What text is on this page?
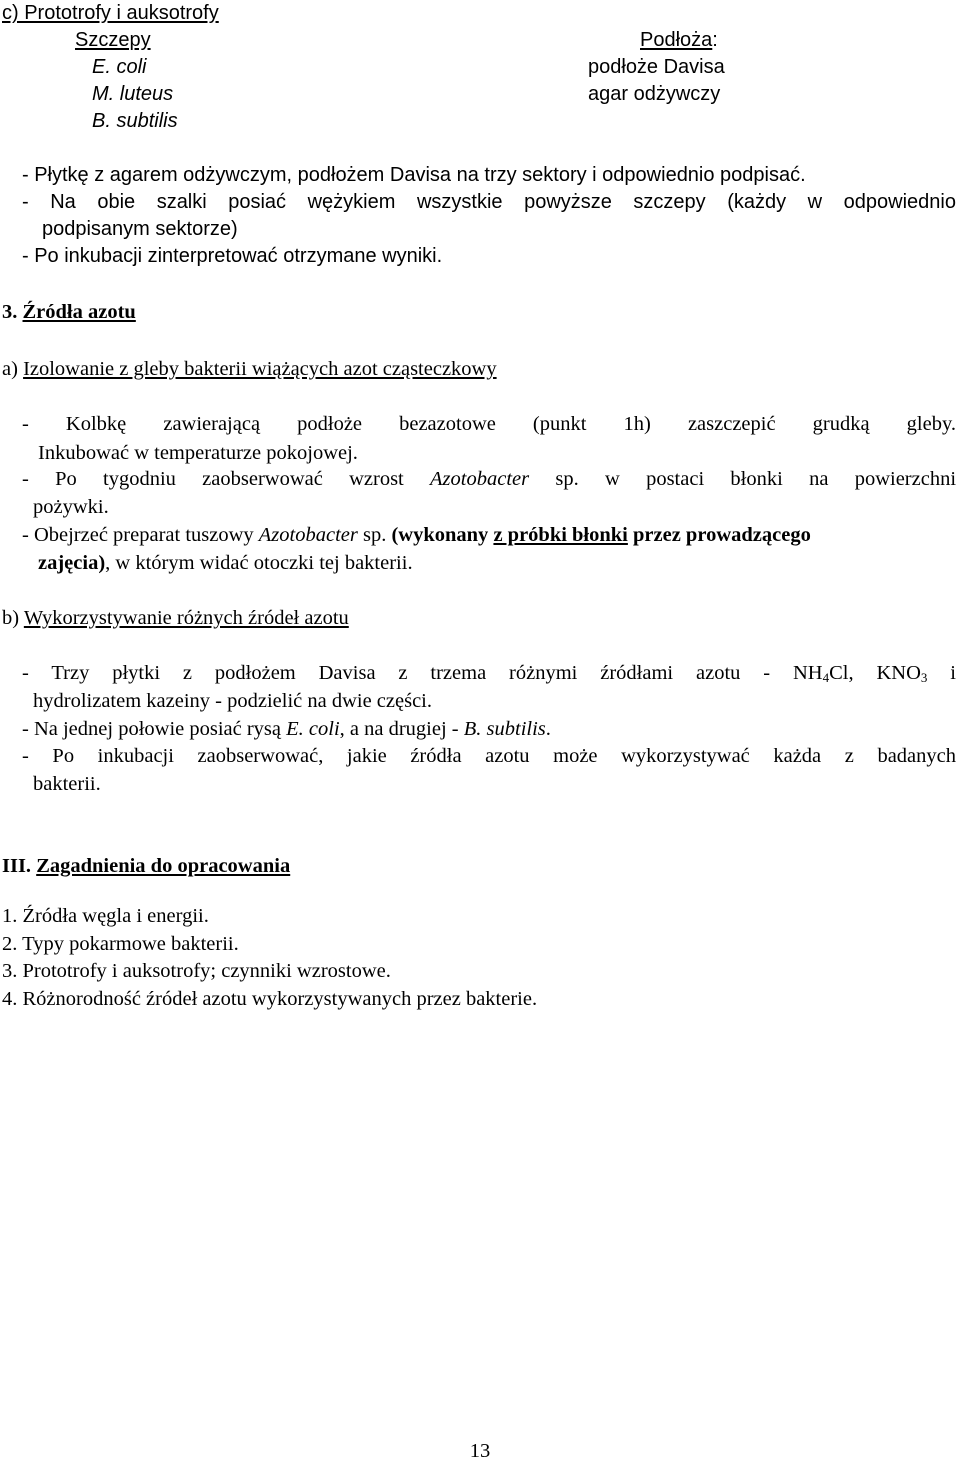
c) Prototrofy i auksotrofy
Szczepy	Podłoża:
E. coli	podłoże Davisa
M. luteus	agar odżywczy
B. subtilis
- Płytkę z agarem odżywczym, podłożem Davisa na trzy sektory i odpowiednio podpisać.
- Na obie szalki posiać wężykiem wszystkie powyższe szczepy (każdy w odpowiednio
podpisanym sektorze)
- Po inkubacji zinterpretować otrzymane wyniki.
3. Źródła azotu
a) Izolowanie z gleby bakterii wiążących azot cząsteczkowy
- Kolbkę zawierającą podłoże bezazotowe (punkt 1h) zaszczepić grudką gleby.
Inkubować w temperaturze pokojowej.
- Po tygodniu zaobserwować wzrost Azotobacter sp. w postaci błonki na powierzchni
pożywki.
- Obejrzeć preparat tuszowy Azotobacter sp. (wykonany z próbki błonki przez prowadzącego
zajęcia), w którym widać otoczki tej bakterii.
b) Wykorzystywanie różnych źródeł azotu
- Trzy płytki z podłożem Davisa z trzema różnymi źródłami azotu - $NH_4Cl$, $KNO_3$ i
hydrolizatem kazeiny - podzielić na dwie części.
- Na jednej połowie posiać rysą E. coli, a na drugiej - B. subtilis.
- Po inkubacji zaobserwować, jakie źródła azotu może wykorzystywać każda z badanych
bakterii.
III. Zagadnienia do opracowania
1. Źródła węgla i energii.
2. Typy pokarmowe bakterii.
3. Prototrofy i auksotrofy; czynniki wzrostowe.
4. Różnorodność źródeł azotu wykorzystywanych przez bakterie.
13
